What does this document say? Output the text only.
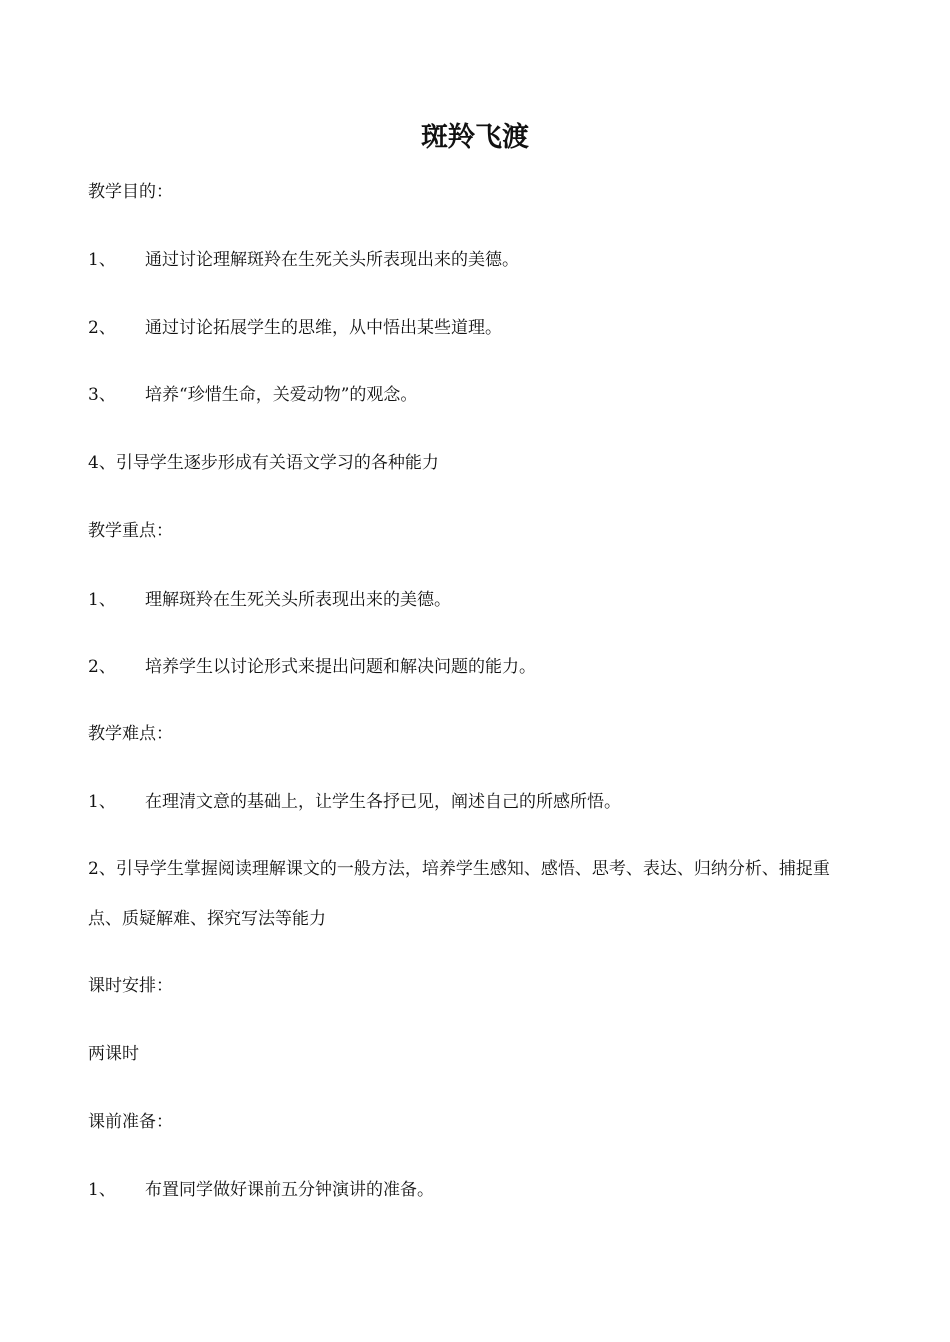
斑羚飞渡
教学目的：
1、 通过讨论理解斑羚在生死关头所表现出来的美德。
2、 通过讨论拓展学生的思维，从中悟出某些道理。
3、 培养“珍惜生命，关爱动物”的观念。
4、引导学生逐步形成有关语文学习的各种能力
教学重点：
1、 理解斑羚在生死关头所表现出来的美德。
2、 培养学生以讨论形式来提出问题和解决问题的能力。
教学难点：
1、 在理清文意的基础上，让学生各抒已见，阐述自己的所感所悟。
2、引导学生掌握阅读理解课文的一般方法，培养学生感知、感悟、思考、表达、归纳分析、捕捉重点、质疑解难、探究写法等能力
课时安排：
两课时
课前准备：
1、 布置同学做好课前五分钟演讲的准备。
